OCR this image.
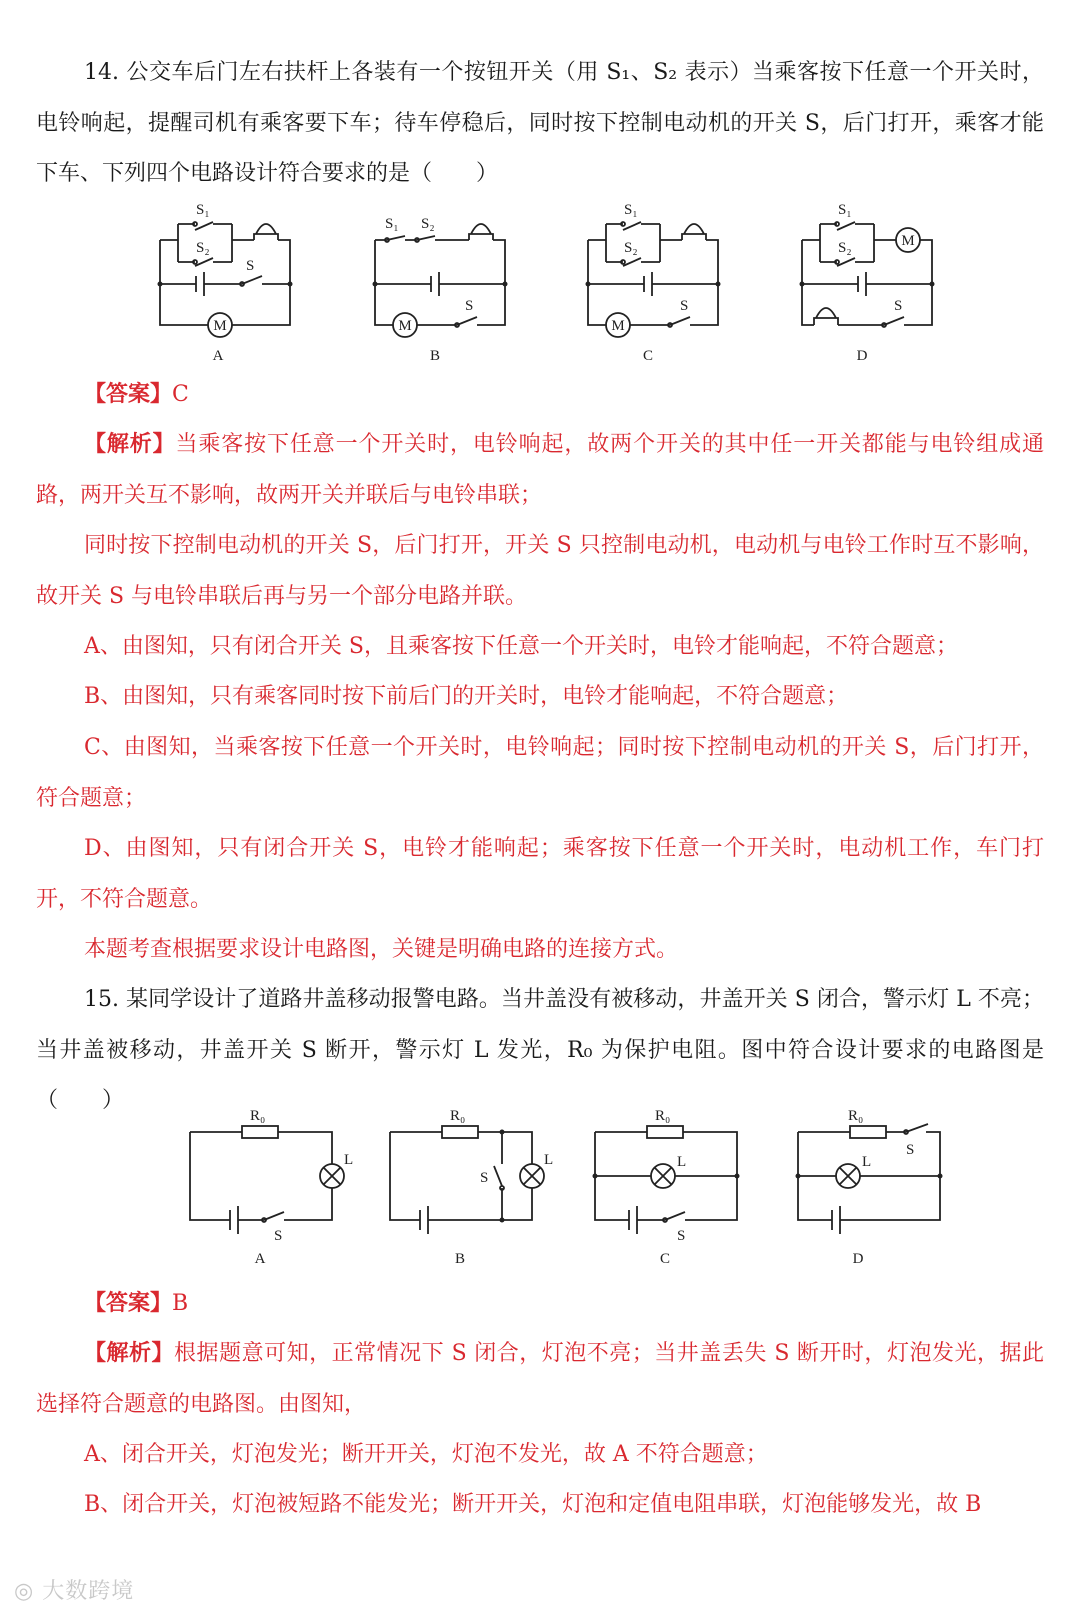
14. 公交车后门左右扶杆上各装有一个按钮开关（用 S₁、S₂ 表示）当乘客按下任意一个开关时，电铃响起，提醒司机有乘客要下车；待车停稳后，同时按下控制电动机的开关 S，后门打开，乘客才能下车、下列四个电路设计符合要求的是（　　）

M
S₁
S₂
S
A
M
S₁ S₂
S
B
M
S₁
S₂
S
C
M
S₁
S₂
S
D

【答案】C

【解析】当乘客按下任意一个开关时，电铃响起，故两个开关的其中任一开关都能与电铃组成通路，两开关互不影响，故两开关并联后与电铃串联；

同时按下控制电动机的开关 S，后门打开，开关 S 只控制电动机，电动机与电铃工作时互不影响，故开关 S 与电铃串联后再与另一个部分电路并联。

A、由图知，只有闭合开关 S，且乘客按下任意一个开关时，电铃才能响起，不符合题意；

B、由图知，只有乘客同时按下前后门的开关时，电铃才能响起，不符合题意；

C、由图知，当乘客按下任意一个开关时，电铃响起；同时按下控制电动机的开关 S，后门打开，符合题意；

D、由图知，只有闭合开关 S，电铃才能响起；乘客按下任意一个开关时，电动机工作，车门打开，不符合题意。

本题考查根据要求设计电路图，关键是明确电路的连接方式。

15. 某同学设计了道路井盖移动报警电路。当井盖没有被移动，井盖开关 S 闭合，警示灯 L 不亮；当井盖被移动，井盖开关 S 断开，警示灯 L 发光，R₀ 为保护电阻。图中符合设计要求的电路图是（　　）

R₀
L
S
A
R₀
L
S
B
R₀
L
S
C
R₀
L
S
D

【答案】B

【解析】根据题意可知，正常情况下 S 闭合，灯泡不亮；当井盖丢失 S 断开时，灯泡发光，据此选择符合题意的电路图。由图知，

A、闭合开关，灯泡发光；断开开关，灯泡不发光，故 A 不符合题意；

B、闭合开关，灯泡被短路不能发光；断开开关，灯泡和定值电阻串联，灯泡能够发光，故 B

◎ 大数跨境
